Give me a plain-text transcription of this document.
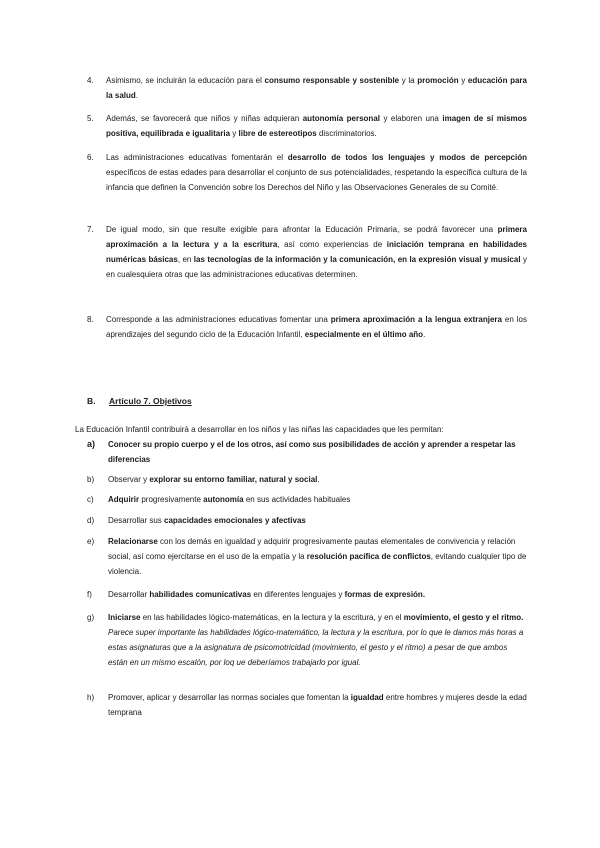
4.	Asimismo, se incluirán la educación para el consumo responsable y sostenible y la promoción y educación para la salud.
5.	Además, se favorecerá que niños y niñas adquieran autonomía personal y elaboren una imagen de sí mismos positiva, equilibrada e igualitaria y libre de estereotipos discriminatorios.
6.	Las administraciones educativas fomentarán el desarrollo de todos los lenguajes y modos de percepción específicos de estas edades para desarrollar el conjunto de sus potencialidades, respetando la específica cultura de la infancia que definen la Convención sobre los Derechos del Niño y las Observaciones Generales de su Comité.
7.	De igual modo, sin que resulte exigible para afrontar la Educación Primaria, se podrá favorecer una primera aproximación a la lectura y a la escritura, así como experiencias de iniciación temprana en habilidades numéricas básicas, en las tecnologías de la información y la comunicación, en la expresión visual y musical y en cualesquiera otras que las administraciones educativas determinen.
8.	Corresponde a las administraciones educativas fomentar una primera aproximación a la lengua extranjera en los aprendizajes del segundo ciclo de la Educación Infantil, especialmente en el último año.
B. Artículo 7. Objetivos
La Educación Infantil contribuirá a desarrollar en los niños y las niñas las capacidades que les permitan:
a)	Conocer su propio cuerpo y el de los otros, así como sus posibilidades de acción y aprender a respetar las diferencias
b)	Observar y explorar su entorno familiar, natural y social.
c)	Adquirir progresivamente autonomía en sus actividades habituales
d)	Desarrollar sus capacidades emocionales y afectivas
e)	Relacionarse con los demás en igualdad y adquirir progresivamente pautas elementales de convivencia y relación social, así como ejercitarse en el uso de la empatía y la resolución pacífica de conflictos, evitando cualquier tipo de violencia.
f)	Desarrollar habilidades comunicativas en diferentes lenguajes y formas de expresión.
g)	Iniciarse en las habilidades lógico-matemáticas, en la lectura y la escritura, y en el movimiento, el gesto y el ritmo.
Parece super importante las habilidades lógico-matemático, la lectura y la escritura, por lo que le damos más horas a estas asignaturas que a la asignatura de psicomotricidad (movimiento, el gesto y el ritmo) a pesar de que ambos están en un mismo escalón, por loq ue deberíamos trabajarlo por igual.
h)	Promover, aplicar y desarrollar las normas sociales que fomentan la igualdad entre hombres y mujeres desde la edad temprana
